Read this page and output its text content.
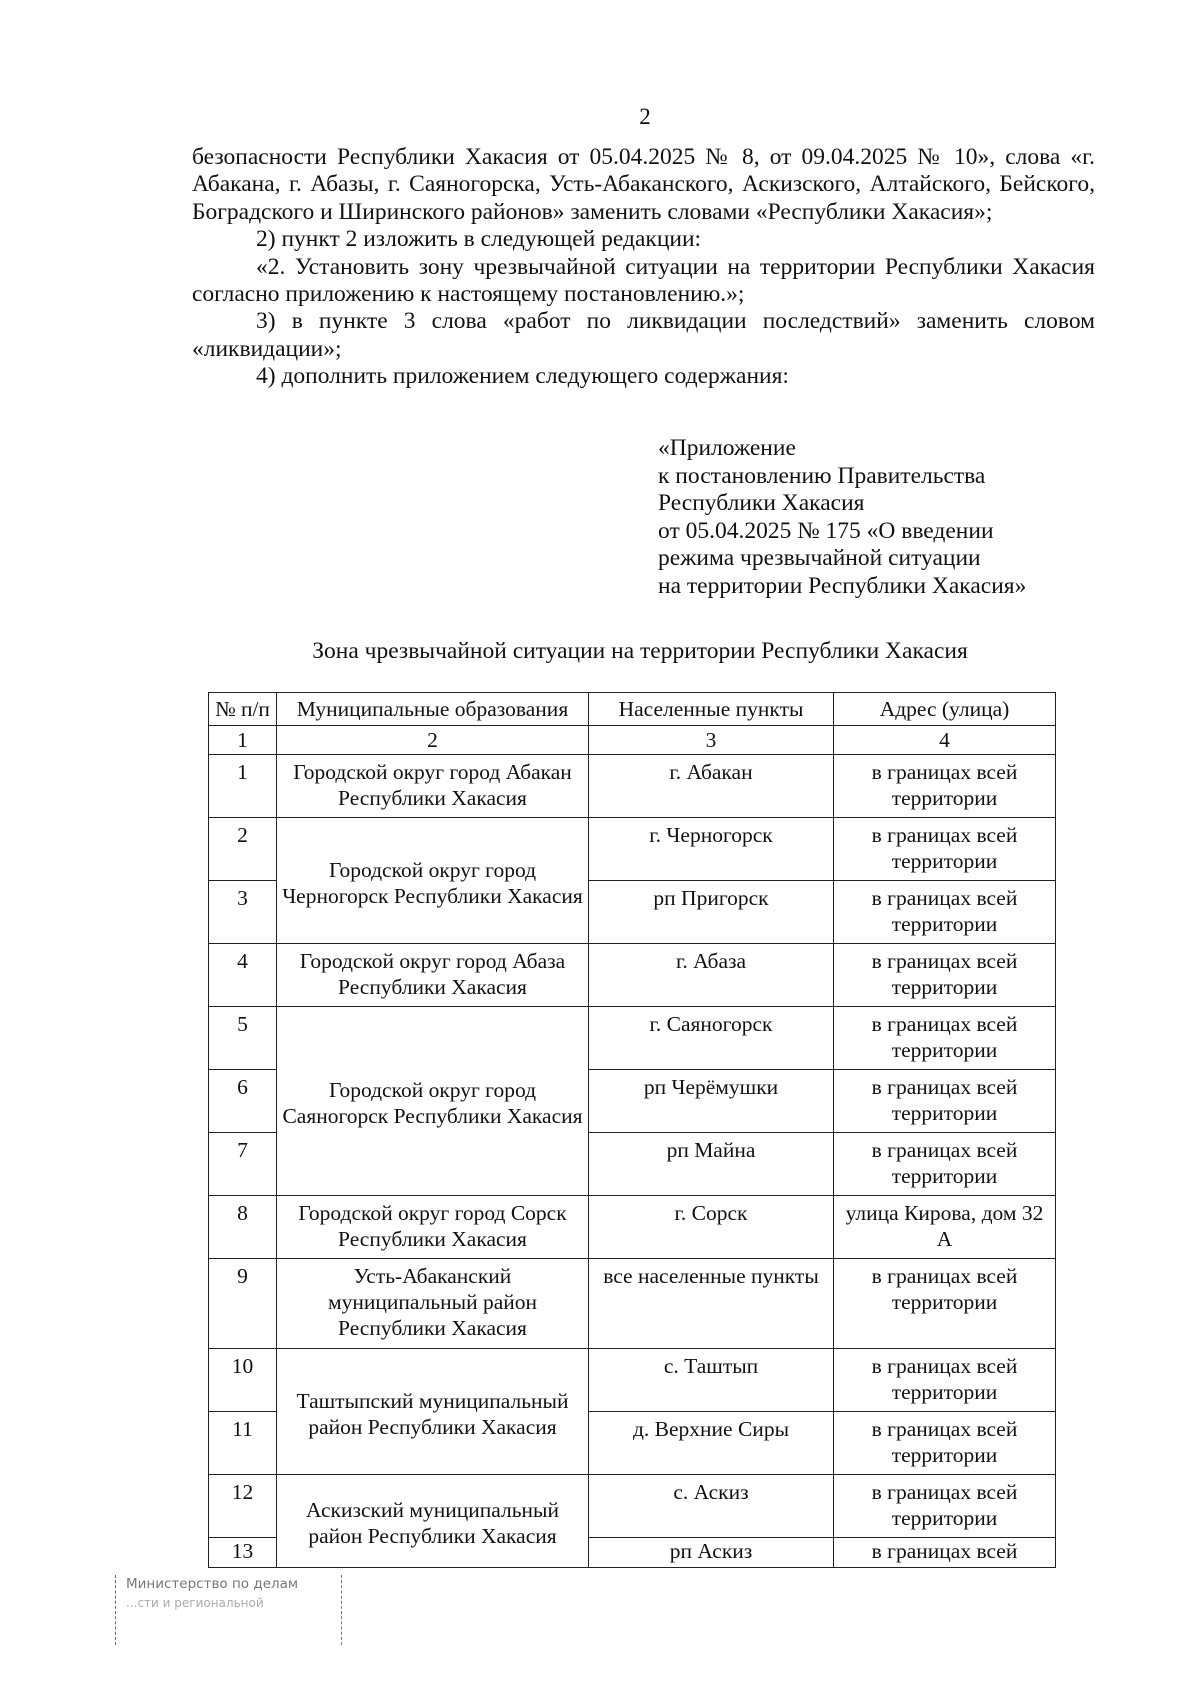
2

безопасности Республики Хакасия от 05.04.2025 № 8, от 09.04.2025 № 10», слова «г. Абакана, г. Абазы, г. Саяногорска, Усть-Абаканского, Аскизского, Алтайского, Бейского, Боградского и Ширинского районов» заменить словами «Республики Хакасия»;

2) пункт 2 изложить в следующей редакции:

«2. Установить зону чрезвычайной ситуации на территории Республики Хакасия согласно приложению к настоящему постановлению.»;

3) в пункте 3 слова «работ по ликвидации последствий» заменить словом «ликвидации»;

4) дополнить приложением следующего содержания:

«Приложение
к постановлению Правительства
Республики Хакасия
от 05.04.2025 № 175 «О введении
режима чрезвычайной ситуации
на территории Республики Хакасия»
Зона чрезвычайной ситуации на территории Республики Хакасия
№ п/п	Муниципальные образования	Населенные пункты	Адрес (улица)
1	2	3	4
1	Городской округ город Абакан Республики Хакасия	г. Абакан	в границах всей территории
2	Городской округ город Черногорск Республики Хакасия	г. Черногорск	в границах всей территории
3		рп Пригорск	в границах всей территории
4	Городской округ город Абаза Республики Хакасия	г. Абаза	в границах всей территории
5	Городской округ город Саяногорск Республики Хакасия	г. Саяногорск	в границах всей территории
6		рп Черёмушки	в границах всей территории
7		рп Майна	в границах всей территории
8	Городской округ город Сорск Республики Хакасия	г. Сорск	улица Кирова, дом 32 А
9	Усть-Абаканский муниципальный район Республики Хакасия	все населенные пункты	в границах всей территории
10	Таштыпский муниципальный район Республики Хакасия	с. Таштып	в границах всей территории
11		д. Верхние Сиры	в границах всей территории
12	Аскизский муниципальный район Республики Хакасия	с. Аскиз	в границах всей территории
13		рп Аскиз	в границах всей
Министерство по делам
...сти и региональной
